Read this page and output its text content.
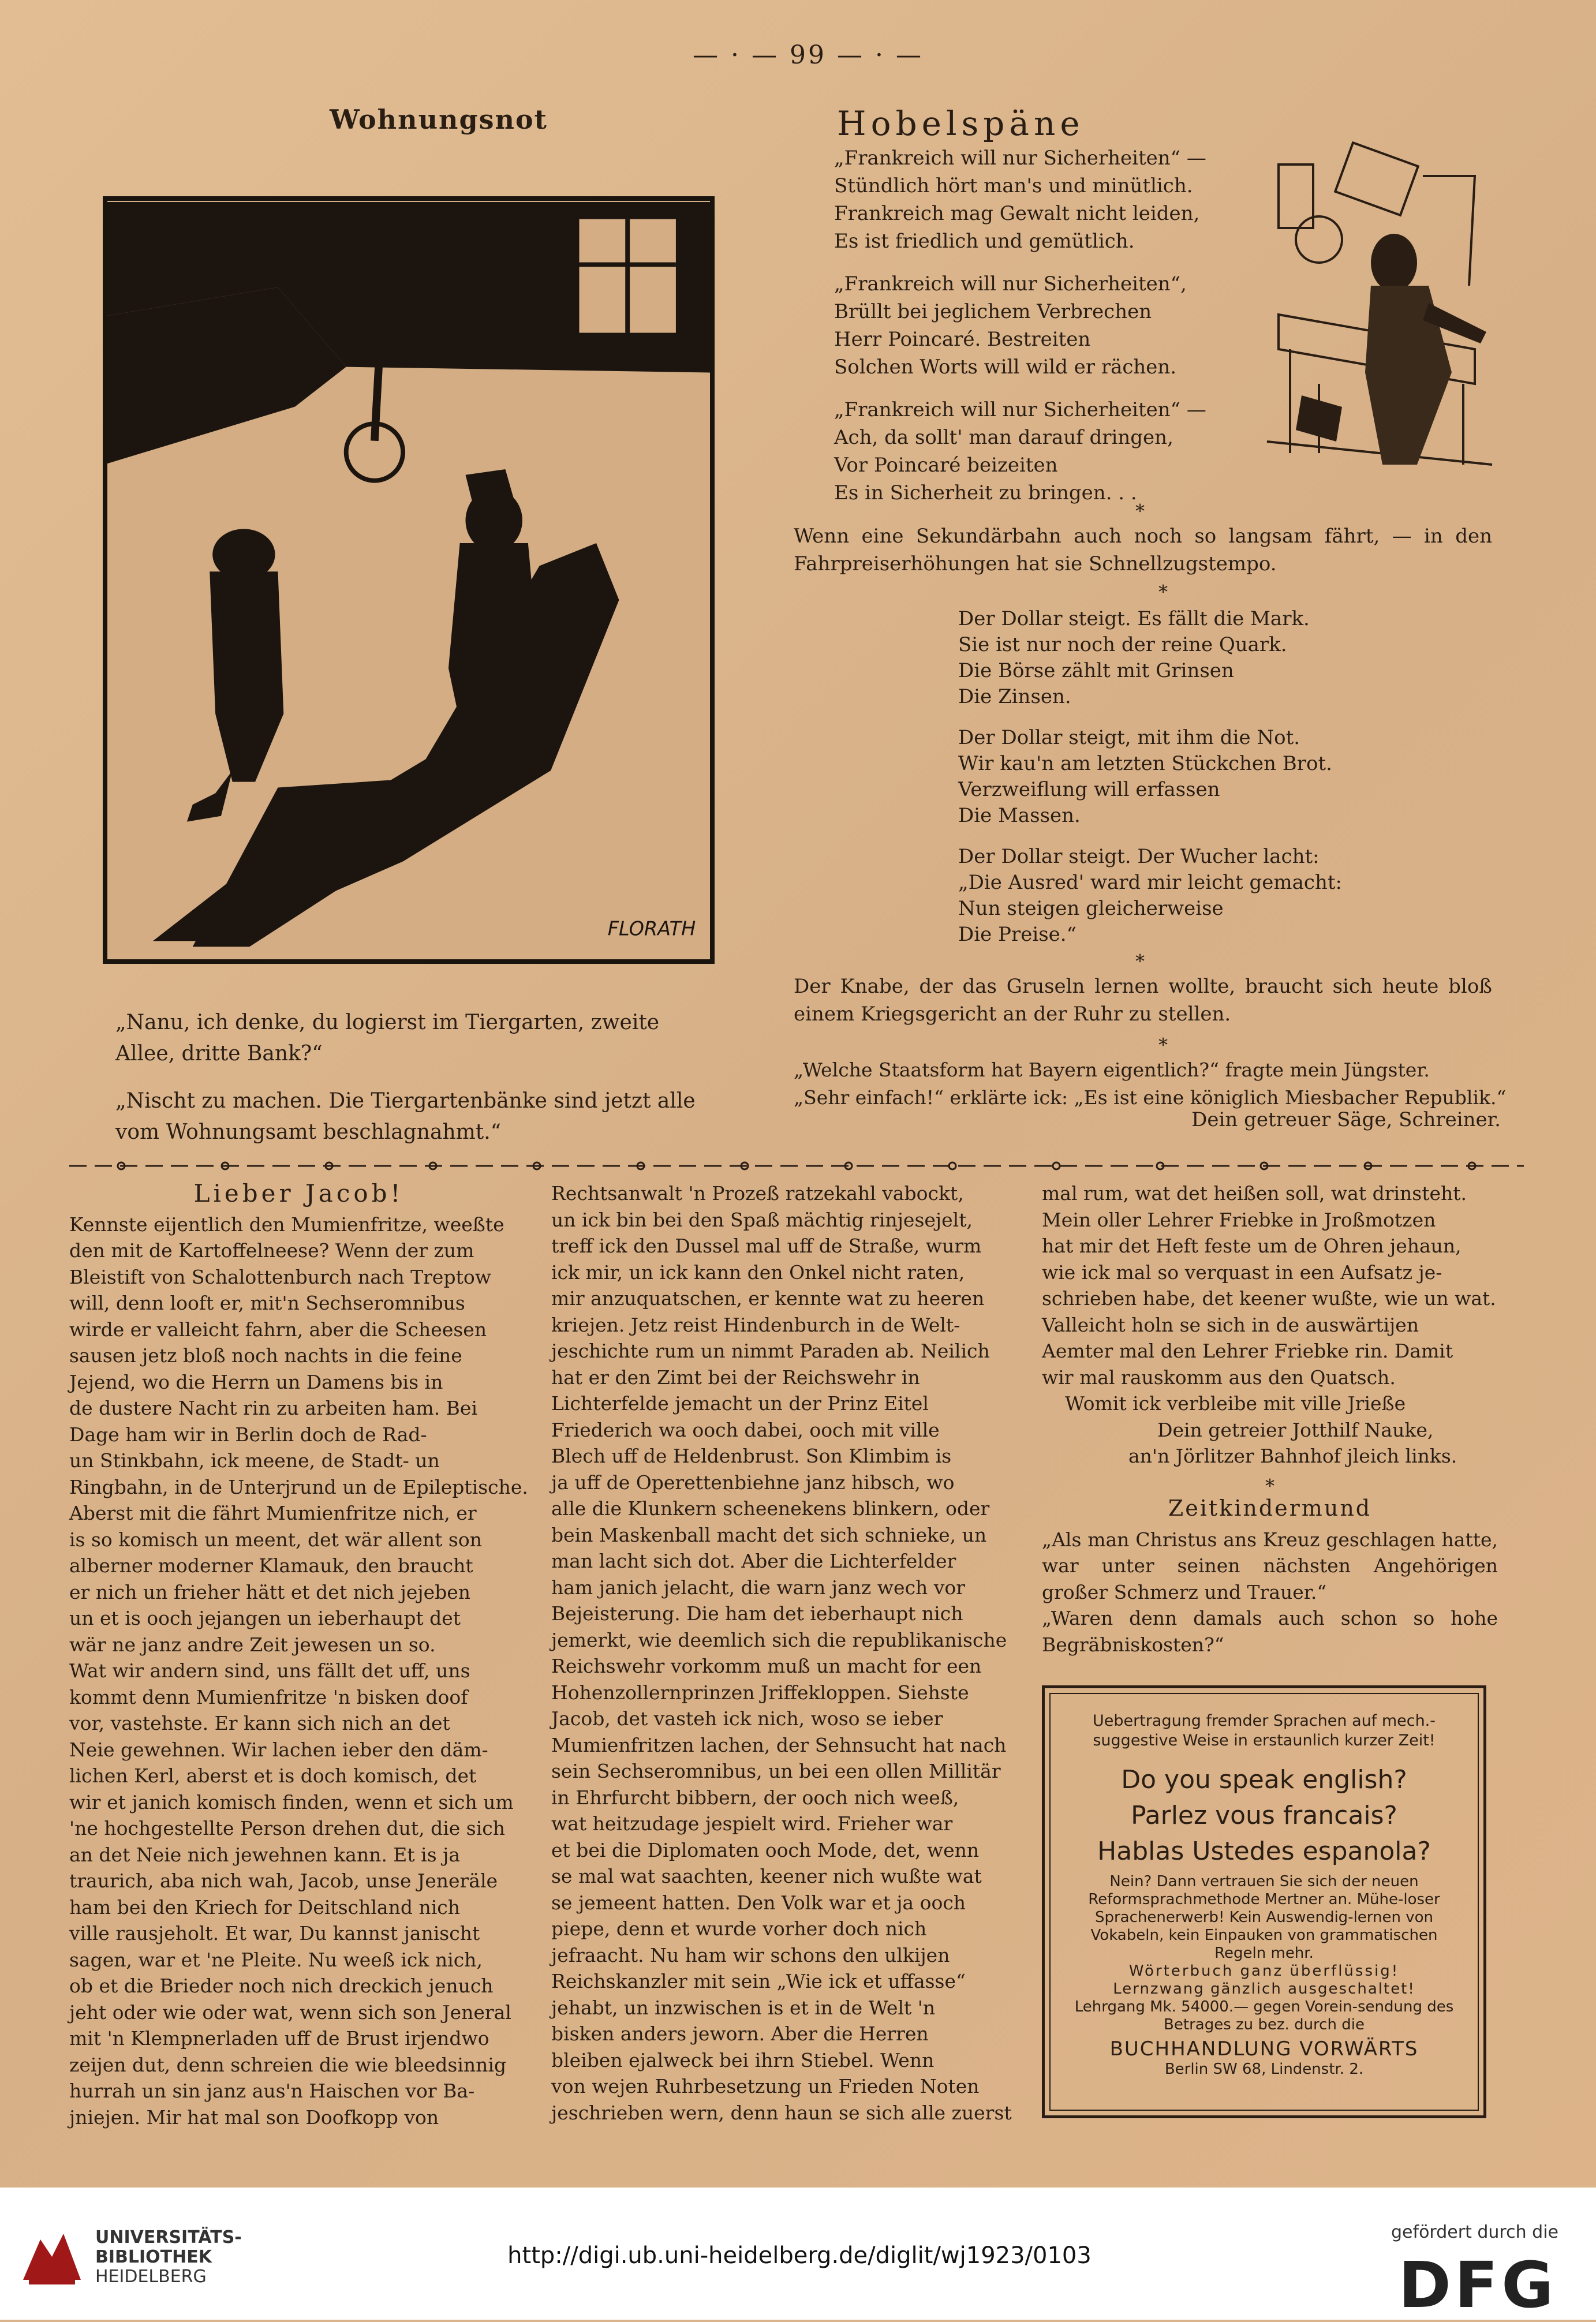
— · — 99 — · —
Wohnungsnot
FLORATH

„Nanu, ich denke, du logierst im Tiergarten, zweite Allee, dritte Bank?“

„Nischt zu machen. Die Tiergartenbänke sind jetzt alle vom Wohnungsamt beschlagnahmt.“

Hobelspäne
„Frankreich will nur Sicherheiten“ —
Stündlich hört man's und minütlich.
Frankreich mag Gewalt nicht leiden,
Es ist friedlich und gemütlich.
„Frankreich will nur Sicherheiten“,
Brüllt bei jeglichem Verbrechen
Herr Poincaré. Bestreiten
Solchen Worts will wild er rächen.
„Frankreich will nur Sicherheiten“ —
Ach, da sollt' man darauf dringen,
Vor Poincaré beizeiten
Es in Sicherheit zu bringen. . .
∗
Wenn eine Sekundärbahn auch noch so langsam fährt, — in den Fahrpreiserhöhungen hat sie Schnellzugstempo.
∗
Der Dollar steigt. Es fällt die Mark.
Sie ist nur noch der reine Quark.
Die Börse zählt mit Grinsen
Die Zinsen.
Der Dollar steigt, mit ihm die Not.
Wir kau'n am letzten Stückchen Brot.
Verzweiflung will erfassen
Die Massen.
Der Dollar steigt. Der Wucher lacht:
„Die Ausred' ward mir leicht gemacht:
Nun steigen gleicherweise
Die Preise.“
∗
Der Knabe, der das Gruseln lernen wollte, braucht sich heute bloß einem Kriegsgericht an der Ruhr zu stellen.
∗
„Welche Staatsform hat Bayern eigentlich?“ fragte mein Jüngster.
„Sehr einfach!“ erklärte ick: „Es ist eine königlich Miesbacher Republik.“
Dein getreuer Säge, Schreiner.
Lieber Jacob!
Kennste eijentlich den Mumienfritze, weeßte
den mit de Kartoffelneese? Wenn der zum
Bleistift von Schalottenburch nach Treptow
will, denn looft er, mit'n Sechseromnibus
wirde er valleicht fahrn, aber die Scheesen
sausen jetz bloß noch nachts in die feine
Jejend, wo die Herrn un Damens bis in
de dustere Nacht rin zu arbeiten ham. Bei
Dage ham wir in Berlin doch de Rad-
un Stinkbahn, ick meene, de Stadt- un
Ringbahn, in de Unterjrund un de Epileptische.
Aberst mit die fährt Mumienfritze nich, er
is so komisch un meent, det wär allent son
alberner moderner Klamauk, den braucht
er nich un frieher hätt et det nich jejeben
un et is ooch jejangen un ieberhaupt det
wär ne janz andre Zeit jewesen un so.
Wat wir andern sind, uns fällt det uff, uns
kommt denn Mumienfritze 'n bisken doof
vor, vastehste. Er kann sich nich an det
Neie gewehnen. Wir lachen ieber den däm-
lichen Kerl, aberst et is doch komisch, det
wir et janich komisch finden, wenn et sich um
'ne hochgestellte Person drehen dut, die sich
an det Neie nich jewehnen kann. Et is ja
traurich, aba nich wah, Jacob, unse Jeneräle
ham bei den Kriech for Deitschland nich
ville rausjeholt. Et war, Du kannst janischt
sagen, war et 'ne Pleite. Nu weeß ick nich,
ob et die Brieder noch nich dreckich jenuch
jeht oder wie oder wat, wenn sich son Jeneral
mit 'n Klempnerladen uff de Brust irjendwo
zeijen dut, denn schreien die wie bleedsinnig
hurrah un sin janz aus'n Haischen vor Ba-
jniejen. Mir hat mal son Doofkopp von
Rechtsanwalt 'n Prozeß ratzekahl vabockt,
un ick bin bei den Spaß mächtig rinjesejelt,
treff ick den Dussel mal uff de Straße, wurm
ick mir, un ick kann den Onkel nicht raten,
mir anzuquatschen, er kennte wat zu heeren
kriejen. Jetz reist Hindenburch in de Welt-
jeschichte rum un nimmt Paraden ab. Neilich
hat er den Zimt bei der Reichswehr in
Lichterfelde jemacht un der Prinz Eitel
Friederich wa ooch dabei, ooch mit ville
Blech uff de Heldenbrust. Son Klimbim is
ja uff de Operettenbiehne janz hibsch, wo
alle die Klunkern scheenekens blinkern, oder
bein Maskenball macht det sich schnieke, un
man lacht sich dot. Aber die Lichterfelder
ham janich jelacht, die warn janz wech vor
Bejeisterung. Die ham det ieberhaupt nich
jemerkt, wie deemlich sich die republikanische
Reichswehr vorkomm muß un macht for een
Hohenzollernprinzen Jriffekloppen. Siehste
Jacob, det vasteh ick nich, woso se ieber
Mumienfritzen lachen, der Sehnsucht hat nach
sein Sechseromnibus, un bei een ollen Millitär
in Ehrfurcht bibbern, der ooch nich weeß,
wat heitzudage jespielt wird. Frieher war
et bei die Diplomaten ooch Mode, det, wenn
se mal wat saachten, keener nich wußte wat
se jemeent hatten. Den Volk war et ja ooch
piepe, denn et wurde vorher doch nich
jefraacht. Nu ham wir schons den ulkijen
Reichskanzler mit sein „Wie ick et uffasse“
jehabt, un inzwischen is et in de Welt 'n
bisken anders jeworn. Aber die Herren
bleiben ejalweck bei ihrn Stiebel. Wenn
von wejen Ruhrbesetzung un Frieden Noten
jeschrieben wern, denn haun se sich alle zuerst
mal rum, wat det heißen soll, wat drinsteht.
Mein oller Lehrer Friebke in Jroßmotzen
hat mir det Heft feste um de Ohren jehaun,
wie ick mal so verquast in een Aufsatz je-
schrieben habe, det keener wußte, wie un wat.
Valleicht holn se sich in de auswärtijen
Aemter mal den Lehrer Friebke rin. Damit
wir mal rauskomm aus den Quatsch.
Womit ick verbleibe mit ville Jrieße
Dein getreier Jotthilf Nauke,
an'n Jörlitzer Bahnhof jleich links.
∗
Zeitkindermund
„Als man Christus ans Kreuz geschlagen hatte, war unter seinen nächsten Angehörigen großer Schmerz und Trauer.“
„Waren denn damals auch schon so hohe Begräbniskosten?“
Uebertragung fremder Sprachen auf mech.-suggestive Weise in erstaunlich kurzer Zeit!
Do you speak english?
Parlez vous francais?
Hablas Ustedes espanola?
Nein? Dann vertrauen Sie sich der neuen Reformsprachmethode Mertner an. Mühe-loser Sprachenerwerb! Kein Auswendig-lernen von Vokabeln, kein Einpauken von grammatischen Regeln mehr.
Wörterbuch ganz überflüssig!
Lernzwang gänzlich ausgeschaltet!
Lehrgang Mk. 54000.— gegen Vorein-sendung des Betrages zu bez. durch die
BUCHHANDLUNG VORWÄRTS
Berlin SW 68, Lindenstr. 2.
UNIVERSITÄTS-
BIBLIOTHEK
HEIDELBERG
http://digi.ub.uni-heidelberg.de/diglit/wj1923/0103
gefördert durch die
DFG
